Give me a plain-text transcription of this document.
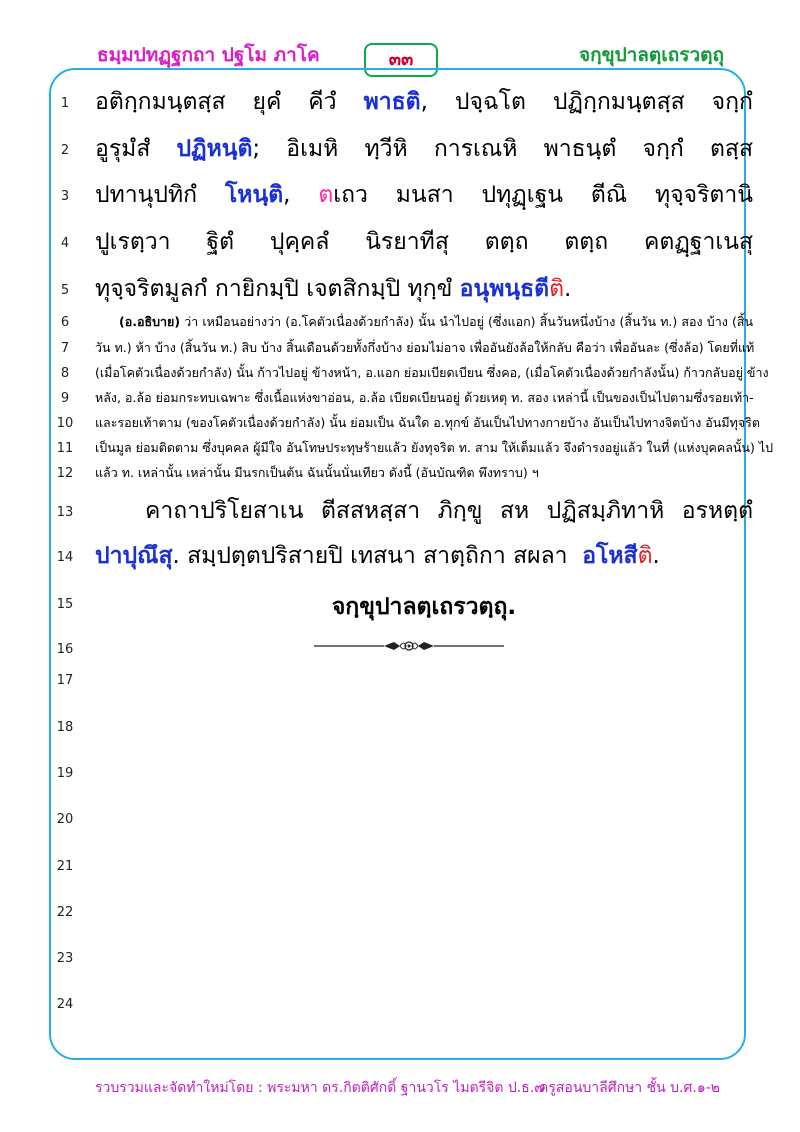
ธมฺมปทฏฺฐกถา ปฐโม ภาโค	๓๓	จกฺขุปาลตฺเถรวตฺถุ
1
2
3
4
5
6
7
8
9
10
11
12
13
14
15
16
17
18
19
20
21
22
23
24
อติกฺกมนฺตสฺส ยุคํ คีวํ พาธติ, ปจฺฉโต ปฏิกฺกมนฺตสฺส จกฺกํ
อูรุมํสํ ปฏิหนฺติ; อิเมหิ ทฺวีหิ การเณหิ พาธนฺตํ จกฺกํ ตสฺส
ปทานุปทิกํ โหนฺติ, ตเถว มนสา ปทุฏฺเฐน ตีณิ ทุจฺจริตานิ
ปูเรตฺวา ฐิตํ ปุคฺคลํ นิรยาทีสุ ตตฺถ ตตฺถ คตฏฺฐาเนสุ
ทุจฺจริตมูลกํ กายิกมฺปิ เจตสิกมฺปิ ทุกฺขํ อนุพนฺธตีติ.
(อ.อธิบาย) ว่า เหมือนอย่างว่า (อ.โคตัวเนื่องด้วยกำลัง) นั้น นำไปอยู่ (ซึ่งแอก) สิ้นวันหนึ่งบ้าง (สิ้นวัน ท.) สอง บ้าง (สิ้น
วัน ท.) ห้า บ้าง (สิ้นวัน ท.) สิบ บ้าง สิ้นเดือนด้วยทั้งกึ่งบ้าง ย่อมไม่อาจ เพื่ออันยังล้อให้กลับ คือว่า เพื่ออันละ (ซึ่งล้อ) โดยที่แท้
(เมื่อโคตัวเนื่องด้วยกำลัง) นั้น ก้าวไปอยู่ ข้างหน้า, อ.แอก ย่อมเบียดเบียน ซึ่งคอ, (เมื่อโคตัวเนื่องด้วยกำลังนั้น) ก้าวกลับอยู่ ข้าง
หลัง, อ.ล้อ ย่อมกระทบเฉพาะ ซึ่งเนื้อแห่งขาอ่อน, อ.ล้อ เบียดเบียนอยู่ ด้วยเหตุ ท. สอง เหล่านี้ เป็นของเป็นไปตามซึ่งรอยเท้า-
และรอยเท้าตาม (ของโคตัวเนื่องด้วยกำลัง) นั้น ย่อมเป็น ฉันใด อ.ทุกข์ อันเป็นไปทางกายบ้าง อันเป็นไปทางจิตบ้าง อันมีทุจริต
เป็นมูล ย่อมติดตาม ซึ่งบุคคล ผู้มีใจ อันโทษประทุษร้ายแล้ว ยังทุจริต ท. สาม ให้เต็มแล้ว จึงดำรงอยู่แล้ว ในที่ (แห่งบุคคลนั้น) ไป
แล้ว ท. เหล่านั้น เหล่านั้น มีนรกเป็นต้น ฉันนั้นนั่นเทียว ดังนี้ (อันบัณฑิต พึงทราบ) ฯ
คาถาปริโยสาเน ตีสสหสฺสา ภิกฺขู สห ปฏิสมฺภิทาหิ อรหตฺตํ
ปาปุณึสุ. สมฺปตฺตปริสายปิ เทสนา สาตฺถิกา สผลา อโหสีติ.
จกฺขุปาลตฺเถรวตฺถุ.
รวบรวมและจัดทำใหม่โดย : พระมหา ดร.กิตติศักดิ์ ฐานวโร ไมตรีจิต ป.ธ.๗
ครูสอนบาลีศึกษา ชั้น บ.ศ.๑-๒
